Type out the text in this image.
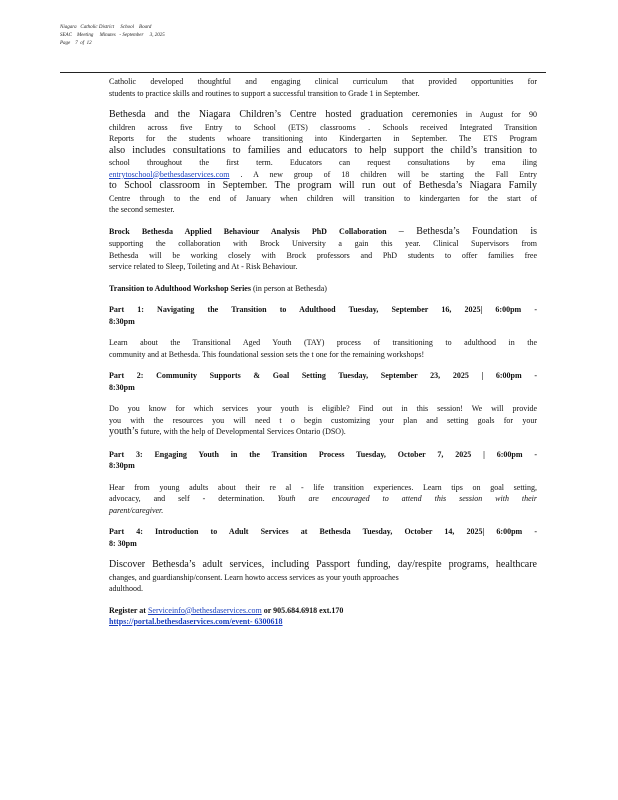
Niagara   Catholic District     School    Board
SEAC    Meeting     Minutes   - September     3, 2025
Page    7  of  12

Catholic developed thoughtful and engaging clinical curriculum that provided opportunities for

students to practice skills and routines to support a successful transition to Grade 1 in September.

Bethesda and the Niagara Children’s Centre hosted graduation ceremonies in August for 90

children across five Entry to School (ETS) classrooms . Schools received Integrated Transition

Reports for the students whoare transitioning into Kindergarten in September. The ETS Program

also includes consultations to families and educators to help support the child’s transition to

school throughout the first term. Educators can request consultations by ema iling

entrytoschool@bethesdaservices.com . A new group of 18 children will be starting the Fall Entry

to School classroom in September. The program will run out of Bethesda’s Niagara Family

Centre through to the end of January when children will transition to kindergarten for the start of

the second semester.

Brock Bethesda Applied Behaviour Analysis PhD Collaboration – Bethesda’s Foundation is

supporting the collaboration with Brock University a gain this year. Clinical Supervisors from

Bethesda will be working closely with Brock professors and PhD students to offer families free

service related to Sleep, Toileting and At - Risk Behaviour.

Transition to Adulthood Workshop Series (in person at Bethesda)

Part 1: Navigating the Transition to Adulthood Tuesday, September 16, 2025| 6:00pm -

8:30pm

Learn about the Transitional Aged Youth (TAY) process of transitioning to adulthood in the

community and at Bethesda. This foundational session sets the t one for the remaining workshops!

Part 2: Community Supports & Goal Setting Tuesday, September 23, 2025 | 6:00pm -

8:30pm

Do you know for which services your youth is eligible? Find out in this session! We will provide

you with the resources you will need t o begin customizing your plan and setting goals for your

youth’s future, with the help of Developmental Services Ontario (DSO).

Part 3: Engaging Youth in the Transition Process Tuesday, October 7, 2025 | 6:00pm -

8:30pm

Hear from young adults about their re al - life transition experiences. Learn tips on goal setting,

advocacy, and self - determination. Youth are encouraged to attend this session with their

parent/caregiver.

Part 4: Introduction to Adult Services at Bethesda Tuesday, October 14, 2025| 6:00pm -

8: 30pm

Discover Bethesda’s adult services, including Passport funding, day/respite programs, healthcare

changes, and guardianship/consent. Learn howto access services as your youth approaches

adulthood.

Register at Serviceinfo@bethesdaservices.com or 905.684.6918 ext.170

https://portal.bethesdaservices.com/event- 6300618
